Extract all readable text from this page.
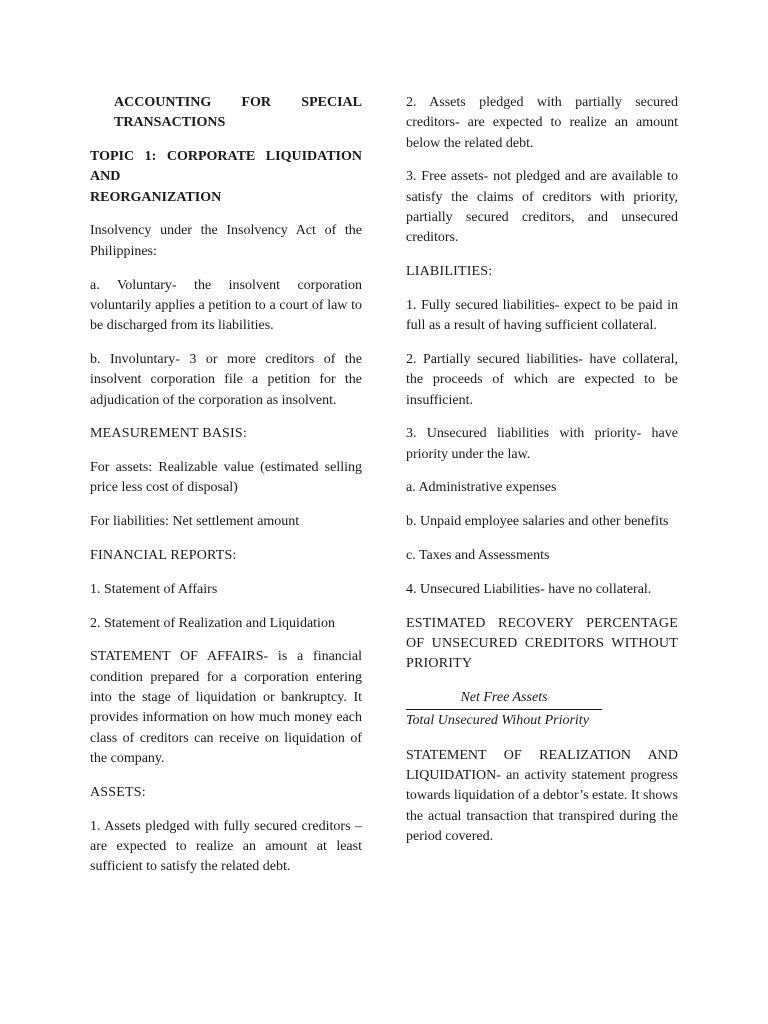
ACCOUNTING FOR SPECIAL
TRANSACTIONS

TOPIC 1: CORPORATE LIQUIDATION AND
REORGANIZATION

Insolvency under the Insolvency Act of the Philippines:

a. Voluntary- the insolvent corporation voluntarily applies a petition to a court of law to be discharged from its liabilities.

b. Involuntary- 3 or more creditors of the insolvent corporation file a petition for the adjudication of the corporation as insolvent.

MEASUREMENT BASIS:

For assets: Realizable value (estimated selling price less cost of disposal)

For liabilities: Net settlement amount

FINANCIAL REPORTS:

1. Statement of Affairs

2. Statement of Realization and Liquidation

STATEMENT OF AFFAIRS- is a financial condition prepared for a corporation entering into the stage of liquidation or bankruptcy. It provides information on how much money each class of creditors can receive on liquidation of the company.

ASSETS:

1. Assets pledged with fully secured creditors – are expected to realize an amount at least sufficient to satisfy the related debt.

2. Assets pledged with partially secured creditors- are expected to realize an amount below the related debt.

3. Free assets- not pledged and are available to satisfy the claims of creditors with priority, partially secured creditors, and unsecured creditors.

LIABILITIES:

1. Fully secured liabilities- expect to be paid in full as a result of having sufficient collateral.

2. Partially secured liabilities- have collateral, the proceeds of which are expected to be insufficient.

3. Unsecured liabilities with priority- have priority under the law.

a. Administrative expenses

b. Unpaid employee salaries and other benefits

c. Taxes and Assessments

4. Unsecured Liabilities- have no collateral.

ESTIMATED RECOVERY PERCENTAGE OF UNSECURED CREDITORS WITHOUT PRIORITY

Net Free Assets
Total Unsecured Wihout Priority

STATEMENT OF REALIZATION AND LIQUIDATION- an activity statement progress towards liquidation of a debtor’s estate. It shows the actual transaction that transpired during the period covered.
